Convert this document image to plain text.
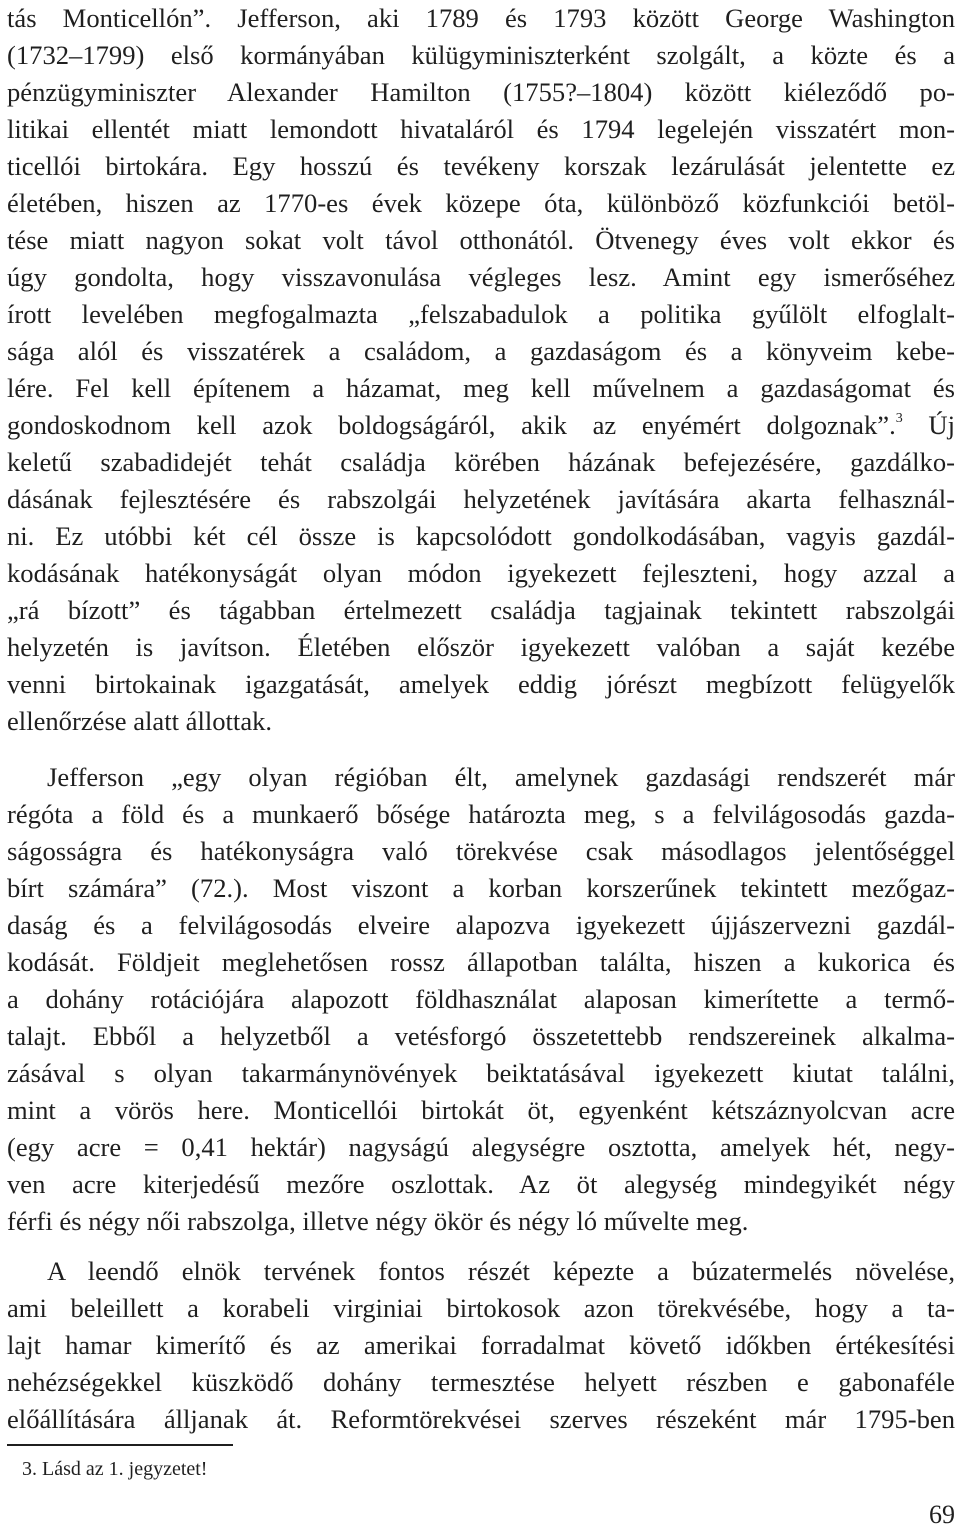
tás Monticellón”. Jefferson, aki 1789 és 1793 között George Washington
(1732–1799) első kormányában külügyminiszterként szolgált, a közte és a
pénzügyminiszter Alexander Hamilton (1755?–1804) között kiéleződő po-
litikai ellentét miatt lemondott hivataláról és 1794 legelején visszatért mon-
ticellói birtokára. Egy hosszú és tevékeny korszak lezárulását jelentette ez
életében, hiszen az 1770-es évek közepe óta, különböző közfunkciói betöl-
tése miatt nagyon sokat volt távol otthonától. Ötvenegy éves volt ekkor és
úgy gondolta, hogy visszavonulása végleges lesz. Amint egy ismerőséhez
írott levelében megfogalmazta „felszabadulok a politika gyűlölt elfoglalt-
sága alól és visszatérek a családom, a gazdaságom és a könyveim kebe-
lére. Fel kell építenem a házamat, meg kell művelnem a gazdaságomat és
gondoskodnom kell azok boldogságáról, akik az enyémért dolgoznak”.$^3$ Új
keletű szabadidejét tehát családja körében házának befejezésére, gazdálko-
dásának fejlesztésére és rabszolgái helyzetének javítására akarta felhasznál-
ni. Ez utóbbi két cél össze is kapcsolódott gondolkodásában, vagyis gazdál-
kodásának hatékonyságát olyan módon igyekezett fejleszteni, hogy azzal a
„rá bízott” és tágabban értelmezett családja tagjainak tekintett rabszolgái
helyzetén is javítson. Életében először igyekezett valóban a saját kezébe
venni birtokainak igazgatását, amelyek eddig jórészt megbízott felügyelők
ellenőrzése alatt állottak.
Jefferson „egy olyan régióban élt, amelynek gazdasági rendszerét már
régóta a föld és a munkaerő bősége határozta meg, s a felvilágosodás gazda-
ságosságra és hatékonyságra való törekvése csak másodlagos jelentőséggel
bírt számára” (72.). Most viszont a korban korszerűnek tekintett mezőgaz-
daság és a felvilágosodás elveire alapozva igyekezett újjászervezni gazdál-
kodását. Földjeit meglehetősen rossz állapotban találta, hiszen a kukorica és
a dohány rotációjára alapozott földhasználat alaposan kimerítette a termő-
talajt. Ebből a helyzetből a vetésforgó összetettebb rendszereinek alkalma-
zásával s olyan takarmánynövények beiktatásával igyekezett kiutat találni,
mint a vörös here. Monticellói birtokát öt, egyenként kétszáznyolcvan acre
(egy acre = 0,41 hektár) nagyságú alegységre osztotta, amelyek hét, negy-
ven acre kiterjedésű mezőre oszlottak. Az öt alegység mindegyikét négy
férfi és négy női rabszolga, illetve négy ökör és négy ló művelte meg.
A leendő elnök tervének fontos részét képezte a búzatermelés növelése,
ami beleillett a korabeli virginiai birtokosok azon törekvésébe, hogy a ta-
lajt hamar kimerítő és az amerikai forradalmat követő időkben értékesítési
nehézségekkel küszködő dohány termesztése helyett részben e gabonaféle
előállítására álljanak át. Reformtörekvései szerves részeként már 1795-ben
3. Lásd az 1. jegyzetet!
69
